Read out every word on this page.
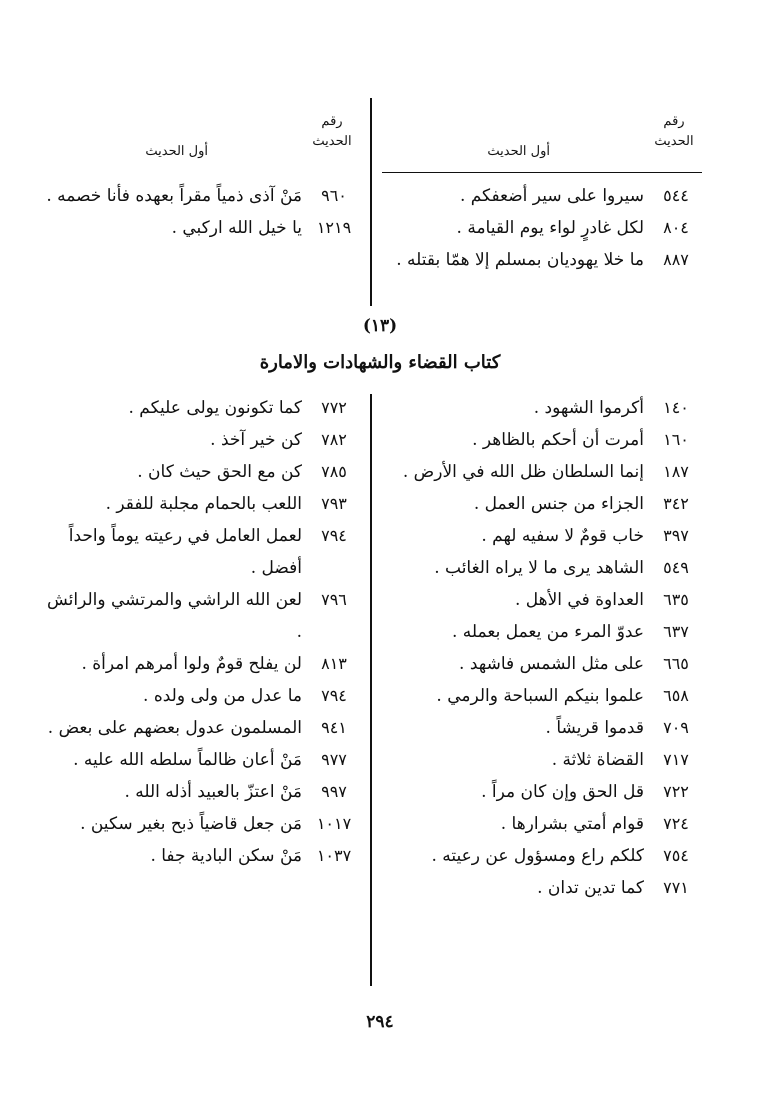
رقم
الحديث
أول الحديث
٥٤٤
سيروا على سير أضعفكم .
٨٠٤
لكل غادرٍ لواء يوم القيامة .
٨٨٧
ما خلا يهوديان بمسلم إلا همّا بقتله .
رقم
الحديث
أول الحديث
٩٦٠
مَنْ آذى ذمياً مقراً بعهده فأنا خصمه .
١٢١٩
يا خيل الله اركبي .
(١٣)
كتاب القضاء والشهادات والامارة
١٤٠
أكرموا الشهود .
١٦٠
أمرت أن أحكم بالظاهر .
١٨٧
إنما السلطان ظل الله في الأرض .
٣٤٢
الجزاء من جنس العمل .
٣٩٧
خاب قومٌ لا سفيه لهم .
٥٤٩
الشاهد يرى ما لا يراه الغائب .
٦٣٥
العداوة في الأهل .
٦٣٧
عدوّ المرء من يعمل بعمله .
٦٦٥
على مثل الشمس فاشهد .
٦٥٨
علموا بنيكم السباحة والرمي .
٧٠٩
قدموا قريشاً .
٧١٧
القضاة ثلاثة .
٧٢٢
قل الحق وإن كان مراً .
٧٢٤
قوام أمتي بشرارها .
٧٥٤
كلكم راع ومسؤول عن رعيته .
٧٧١
كما تدين تدان .
٧٧٢
كما تكونون يولى عليكم .
٧٨٢
كن خير آخذ .
٧٨٥
كن مع الحق حيث كان .
٧٩٣
اللعب بالحمام مجلبة للفقر .
٧٩٤
لعمل العامل في رعيته يوماً واحداً أفضل .
٧٩٦
لعن الله الراشي والمرتشي والرائش .
٨١٣
لن يفلح قومٌ ولوا أمرهم امرأة .
٧٩٤
ما عدل من ولى ولده .
٩٤١
المسلمون عدول بعضهم على بعض .
٩٧٧
مَنْ أعان ظالماً سلطه الله عليه .
٩٩٧
مَنْ اعتزّ بالعبيد أذله الله .
١٠١٧
مَن جعل قاضياً ذبح بغير سكين .
١٠٣٧
مَنْ سكن البادية جفا .
٢٩٤
